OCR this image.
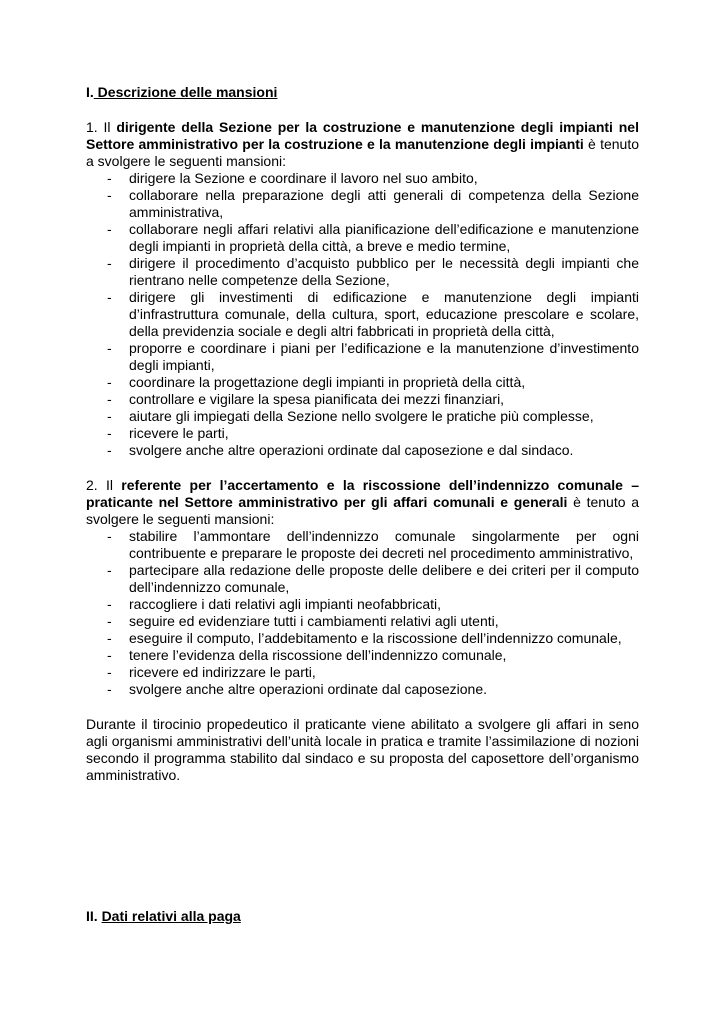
I. Descrizione delle mansioni

1. Il dirigente della Sezione per la costruzione e manutenzione degli impianti nel Settore amministrativo per la costruzione e la manutenzione degli impianti è tenuto a svolgere le seguenti mansioni:

- dirigere la Sezione e coordinare il lavoro nel suo ambito,
- collaborare nella preparazione degli atti generali di competenza della Sezione amministrativa,
- collaborare negli affari relativi alla pianificazione dell’edificazione e manutenzione degli impianti in proprietà della città, a breve e medio termine,
- dirigere il procedimento d’acquisto pubblico per le necessità degli impianti che rientrano nelle competenze della Sezione,
- dirigere gli investimenti di edificazione e manutenzione degli impianti d’infrastruttura comunale, della cultura, sport, educazione prescolare e scolare, della previdenzia sociale e degli altri fabbricati in proprietà della città,
- proporre e coordinare i piani per l’edificazione e la manutenzione d’investimento degli impianti,
- coordinare la progettazione degli impianti in proprietà della città,
- controllare e vigilare la spesa pianificata dei mezzi finanziari,
- aiutare gli impiegati della Sezione nello svolgere le pratiche più complesse,
- ricevere le parti,
- svolgere anche altre operazioni ordinate dal caposezione e dal sindaco.

2. Il referente per l’accertamento e la riscossione dell’indennizzo comunale – praticante nel Settore amministrativo per gli affari comunali e generali è tenuto a svolgere le seguenti mansioni:

- stabilire l’ammontare dell’indennizzo comunale singolarmente per ogni contribuente e preparare le proposte dei decreti nel procedimento amministrativo,
- partecipare alla redazione delle proposte delle delibere e dei criteri per il computo dell’indennizzo comunale,
- raccogliere i dati relativi agli impianti neofabbricati,
- seguire ed evidenziare tutti i cambiamenti relativi agli utenti,
- eseguire il computo, l’addebitamento e la riscossione dell’indennizzo comunale,
- tenere l’evidenza della riscossione dell’indennizzo comunale,
- ricevere ed indirizzare le parti,
- svolgere anche altre operazioni ordinate dal caposezione.

Durante il tirocinio propedeutico il praticante viene abilitato a svolgere gli affari in seno agli organismi amministrativi dell’unità locale in pratica e tramite l’assimilazione di nozioni secondo il programma stabilito dal sindaco e su proposta del caposettore dell’organismo amministrativo.

II. Dati relativi alla paga
